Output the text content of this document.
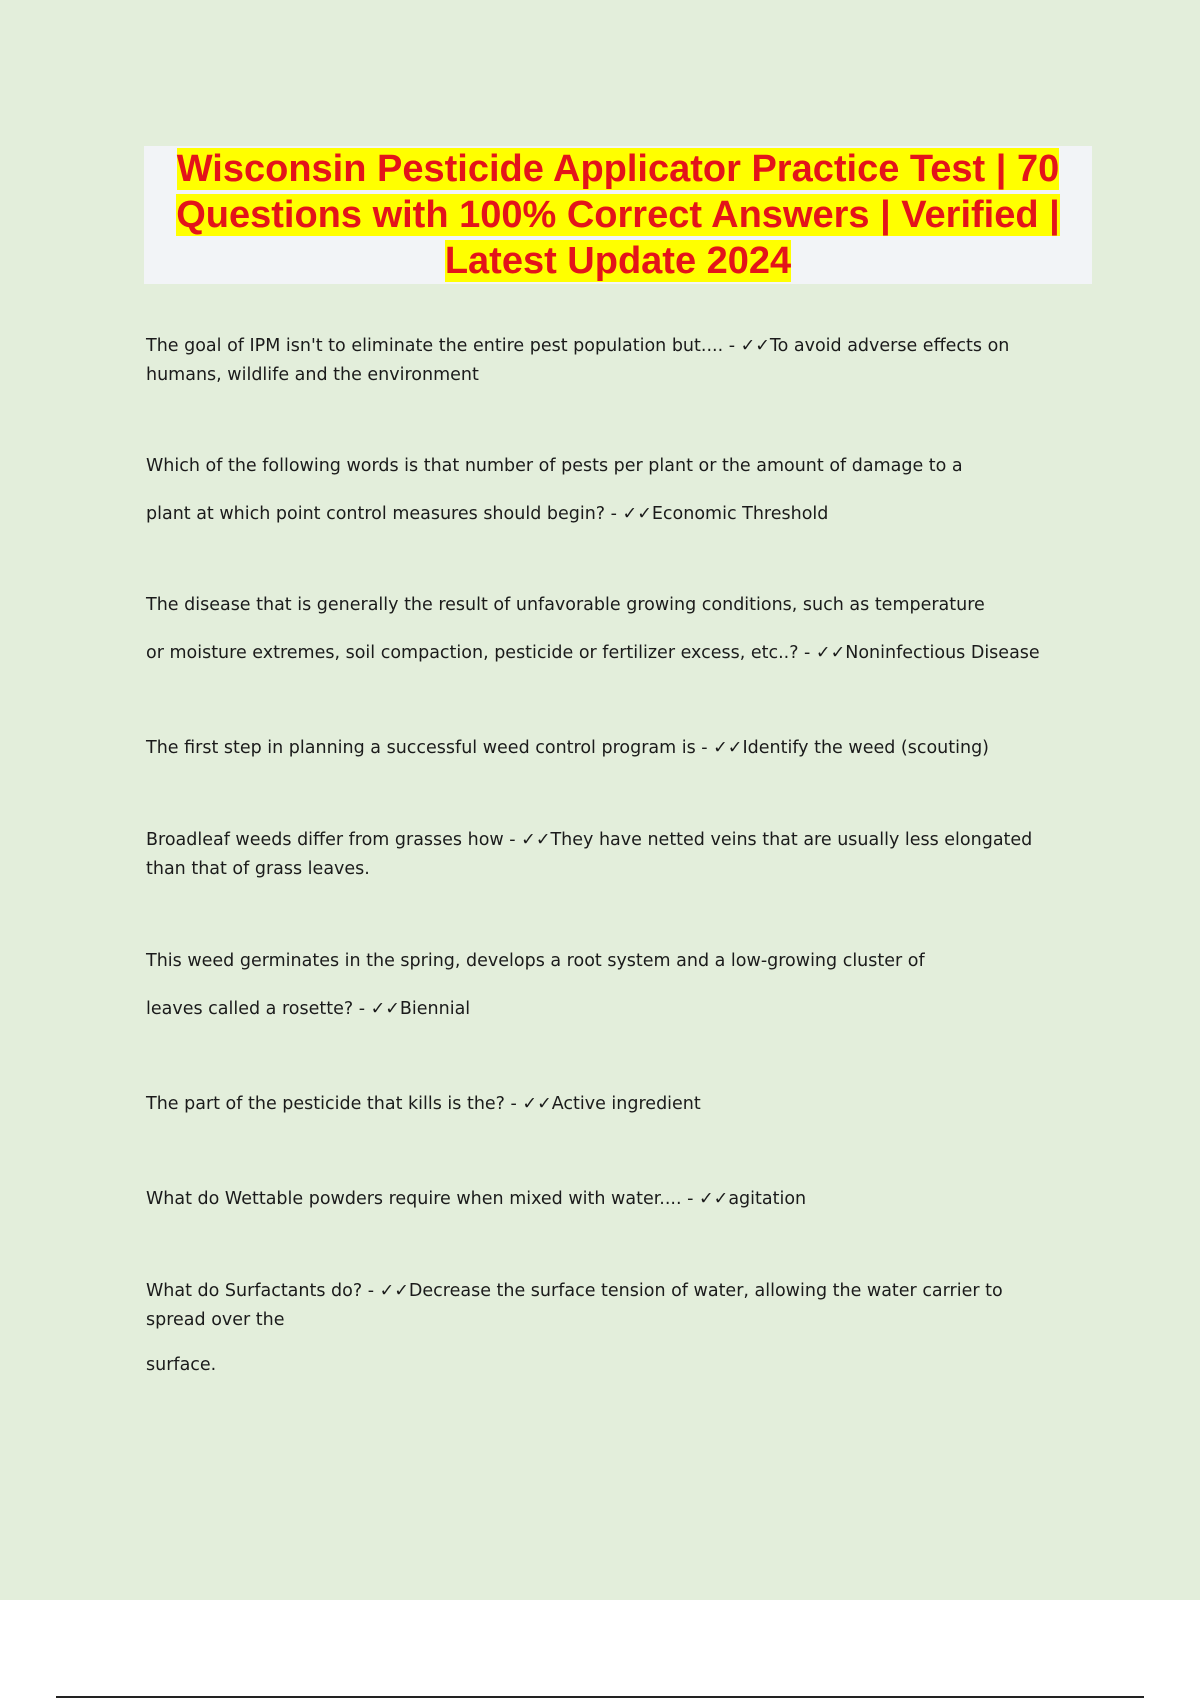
Wisconsin Pesticide Applicator Practice Test | 70 Questions with 100% Correct Answers | Verified | Latest Update 2024

The goal of IPM isn't to eliminate the entire pest population but.... - ✓✓To avoid adverse effects on

humans, wildlife and the environment

Which of the following words is that number of pests per plant or the amount of damage to a

plant at which point control measures should begin? - ✓✓Economic Threshold

The disease that is generally the result of unfavorable growing conditions, such as temperature

or moisture extremes, soil compaction, pesticide or fertilizer excess, etc..? - ✓✓Noninfectious Disease

The first step in planning a successful weed control program is - ✓✓Identify the weed (scouting)

Broadleaf weeds differ from grasses how - ✓✓They have netted veins that are usually less elongated

than that of grass leaves.

This weed germinates in the spring, develops a root system and a low-growing cluster of

leaves called a rosette? - ✓✓Biennial

The part of the pesticide that kills is the? - ✓✓Active ingredient

What do Wettable powders require when mixed with water.... - ✓✓agitation

What do Surfactants do? - ✓✓Decrease the surface tension of water, allowing the water carrier to

spread over the

surface.
